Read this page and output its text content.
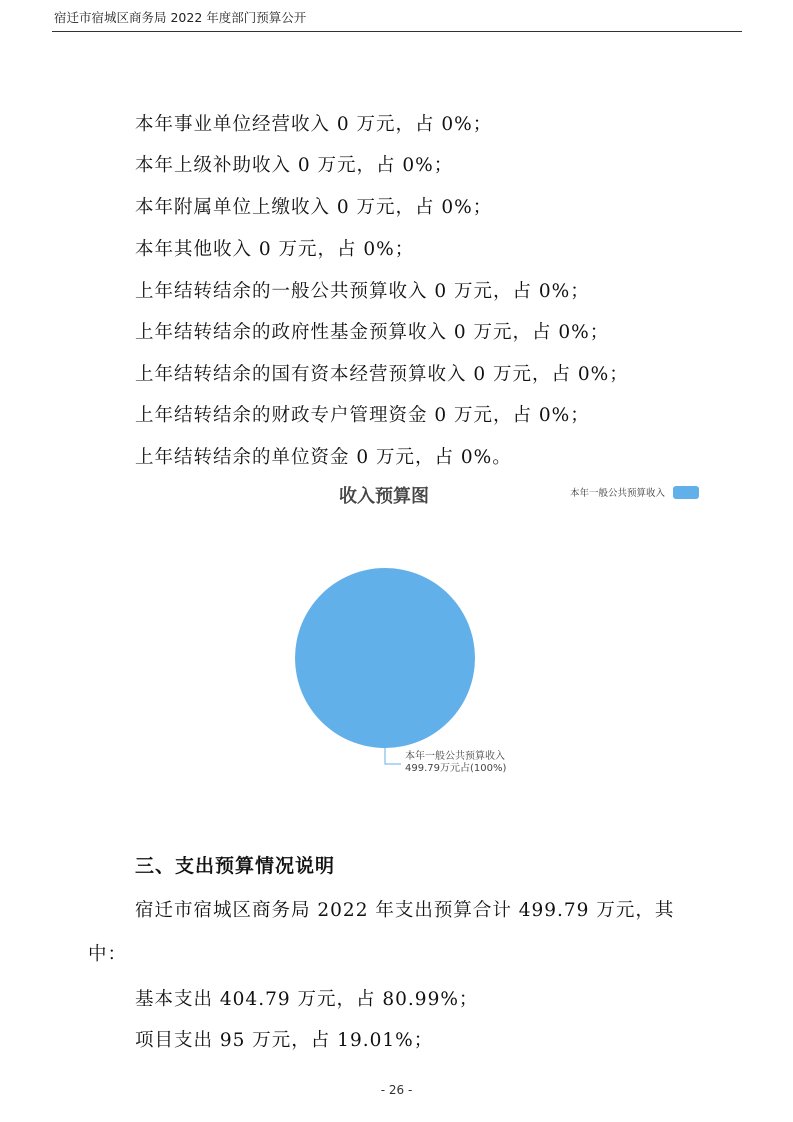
宿迁市宿城区商务局 2022 年度部门预算公开
本年事业单位经营收入 0 万元，占 0%；
本年上级补助收入 0 万元，占 0%；
本年附属单位上缴收入 0 万元，占 0%；
本年其他收入 0 万元，占 0%；
上年结转结余的一般公共预算收入 0 万元，占 0%；
上年结转结余的政府性基金预算收入 0 万元，占 0%；
上年结转结余的国有资本经营预算收入 0 万元，占 0%；
上年结转结余的财政专户管理资金 0 万元，占 0%；
上年结转结余的单位资金 0 万元，占 0%。
收入预算图	本年一般公共预算收入
本年一般公共预算收入
499.79万元占(100%)
三、支出预算情况说明
宿迁市宿城区商务局 2022 年支出预算合计 499.79 万元，其
中：
基本支出 404.79 万元，占 80.99%；
项目支出 95 万元，占 19.01%；
- 26 -
